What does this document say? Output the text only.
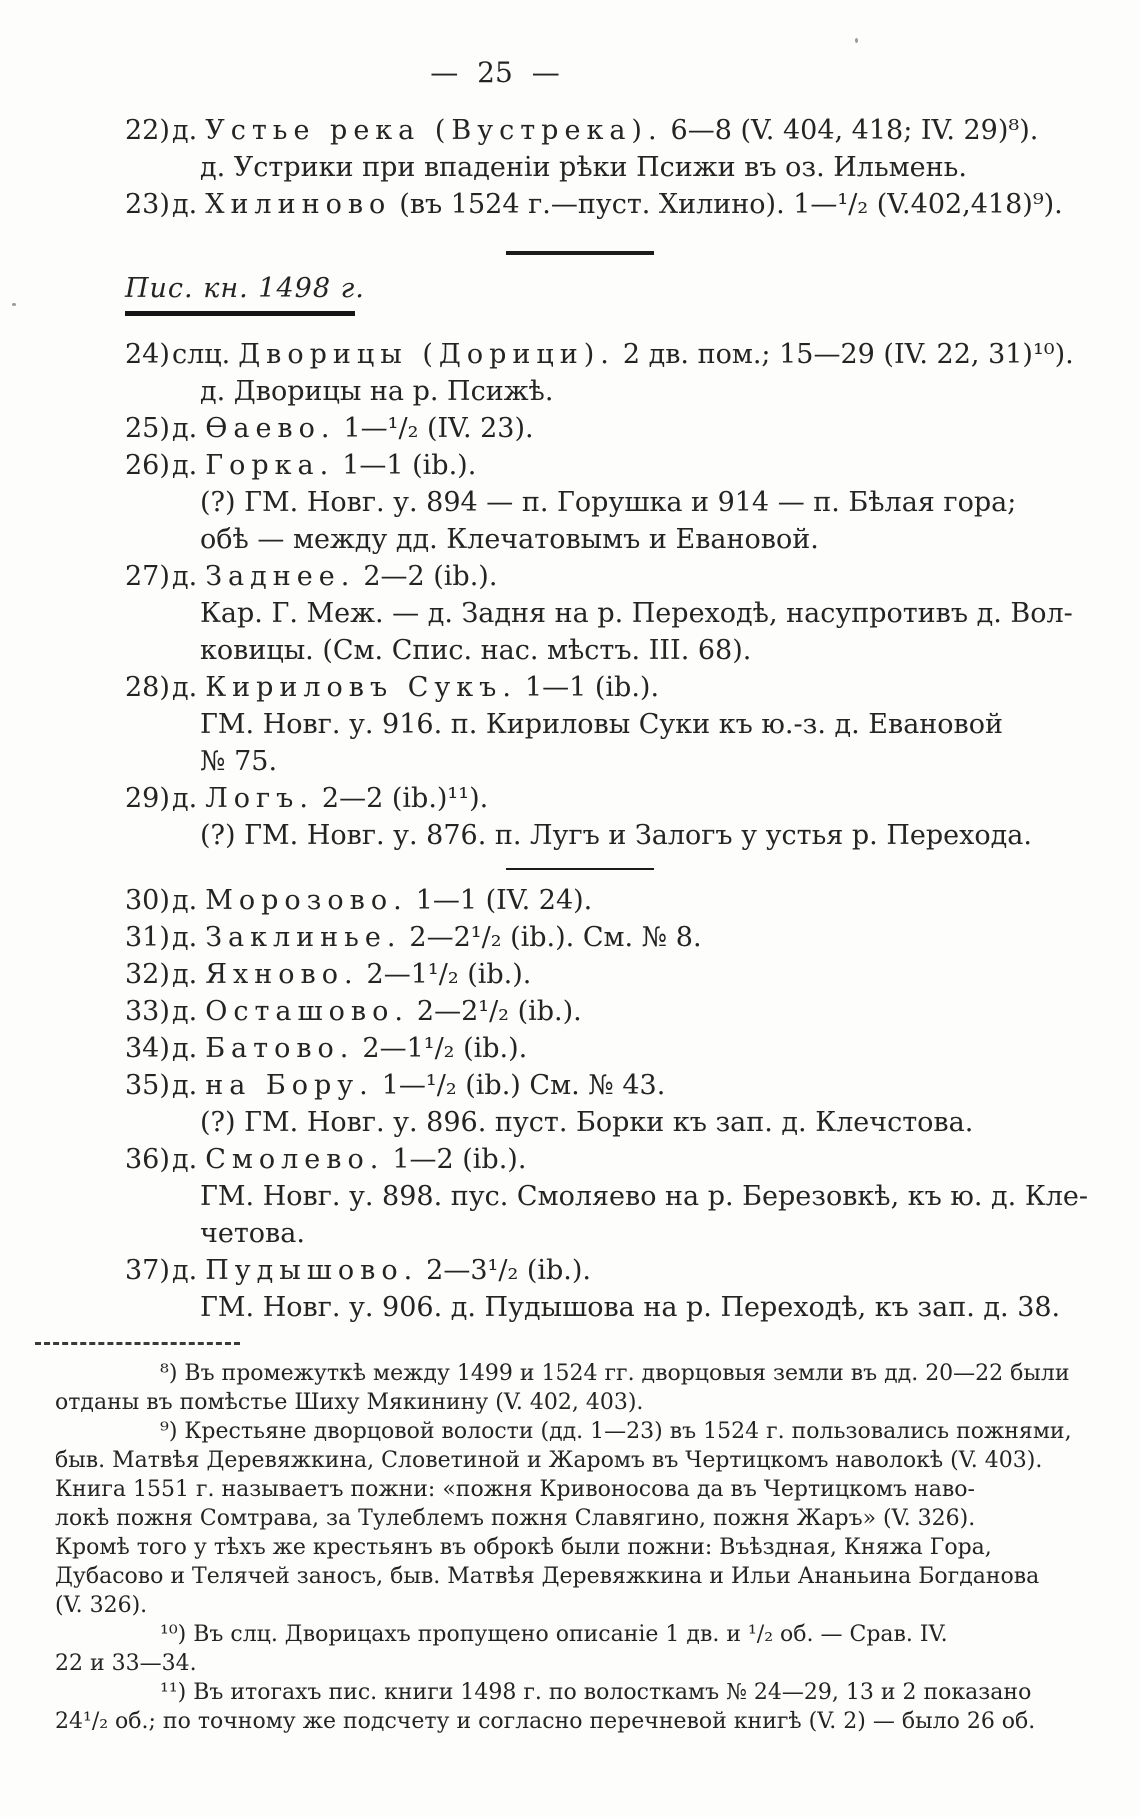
— 25 —
22)д. Устье река (Вустрека). 6—8 (V. 404, 418; IV. 29)⁸).
д. Устрики при впаденіи рѣки Псижи въ оз. Ильмень.
23)д. Хилиново (въ 1524 г.—пуст. Хилино). 1—¹/₂ (V.402,418)⁹).
Пис. кн. 1498 г.
24)слц. Дворицы (Дорици). 2 дв. пом.; 15—29 (IV. 22, 31)¹⁰).
д. Дворицы на р. Псижѣ.
25)д. Ѳаево. 1—¹/₂ (IV. 23).
26)д. Горка. 1—1 (ib.).
(?) ГМ. Новг. у. 894 — п. Горушка и 914 — п. Бѣлая гора;
обѣ — между дд. Клечатовымъ и Евановой.
27)д. Заднее. 2—2 (ib.).
Кар. Г. Меж. — д. Задня на р. Переходѣ, насупротивъ д. Вол-
ковицы. (См. Спис. нас. мѣстъ. III. 68).
28)д. Кириловъ Сукъ. 1—1 (ib.).
ГМ. Новг. у. 916. п. Кириловы Суки къ ю.-з. д. Евановой
№ 75.
29)д. Логъ. 2—2 (ib.)¹¹).
(?) ГМ. Новг. у. 876. п. Лугъ и Залогъ у устья р. Перехода.
30)д. Морозово. 1—1 (IV. 24).
31)д. Заклинье. 2—2¹/₂ (ib.). См. № 8.
32)д. Яхново. 2—1¹/₂ (ib.).
33)д. Осташово. 2—2¹/₂ (ib.).
34)д. Батово. 2—1¹/₂ (ib.).
35)д. на Бору. 1—¹/₂ (ib.) См. № 43.
(?) ГМ. Новг. у. 896. пуст. Борки къ зап. д. Клечстова.
36)д. Смолево. 1—2 (ib.).
ГМ. Новг. у. 898. пус. Смоляево на р. Березовкѣ, къ ю. д. Кле-
четова.
37)д. Пудышово. 2—3¹/₂ (ib.).
ГМ. Новг. у. 906. д. Пудышова на р. Переходѣ, къ зап. д. 38.

⁸) Въ промежуткѣ между 1499 и 1524 гг. дворцовыя земли въ дд. 20—22 были
отданы въ помѣстье Шиху Мякинину (V. 402, 403).

⁹) Крестьяне дворцовой волости (дд. 1—23) въ 1524 г. пользовались пожнями,
быв. Матвѣя Деревяжкина, Словетиной и Жаромъ въ Чертицкомъ наволокѣ (V. 403).
Книга 1551 г. называетъ пожни: «пожня Кривоносова да въ Чертицкомъ наво-
локѣ пожня Сомтрава, за Тулеблемъ пожня Славягино, пожня Жаръ» (V. 326).
Кромѣ того у тѣхъ же крестьянъ въ оброкѣ были пожни: Въѣздная, Княжа Гора,
Дубасово и Телячей заносъ, быв. Матвѣя Деревяжкина и Ильи Ананьина Богданова
(V. 326).

¹⁰) Въ слц. Дворицахъ пропущено описаніе 1 дв. и ¹/₂ об. — Срав. IV.
22 и 33—34.

¹¹) Въ итогахъ пис. книги 1498 г. по волосткамъ № 24—29, 13 и 2 показано
24¹/₂ об.; по точному же подсчету и согласно перечневой книгѣ (V. 2) — было 26 об.
